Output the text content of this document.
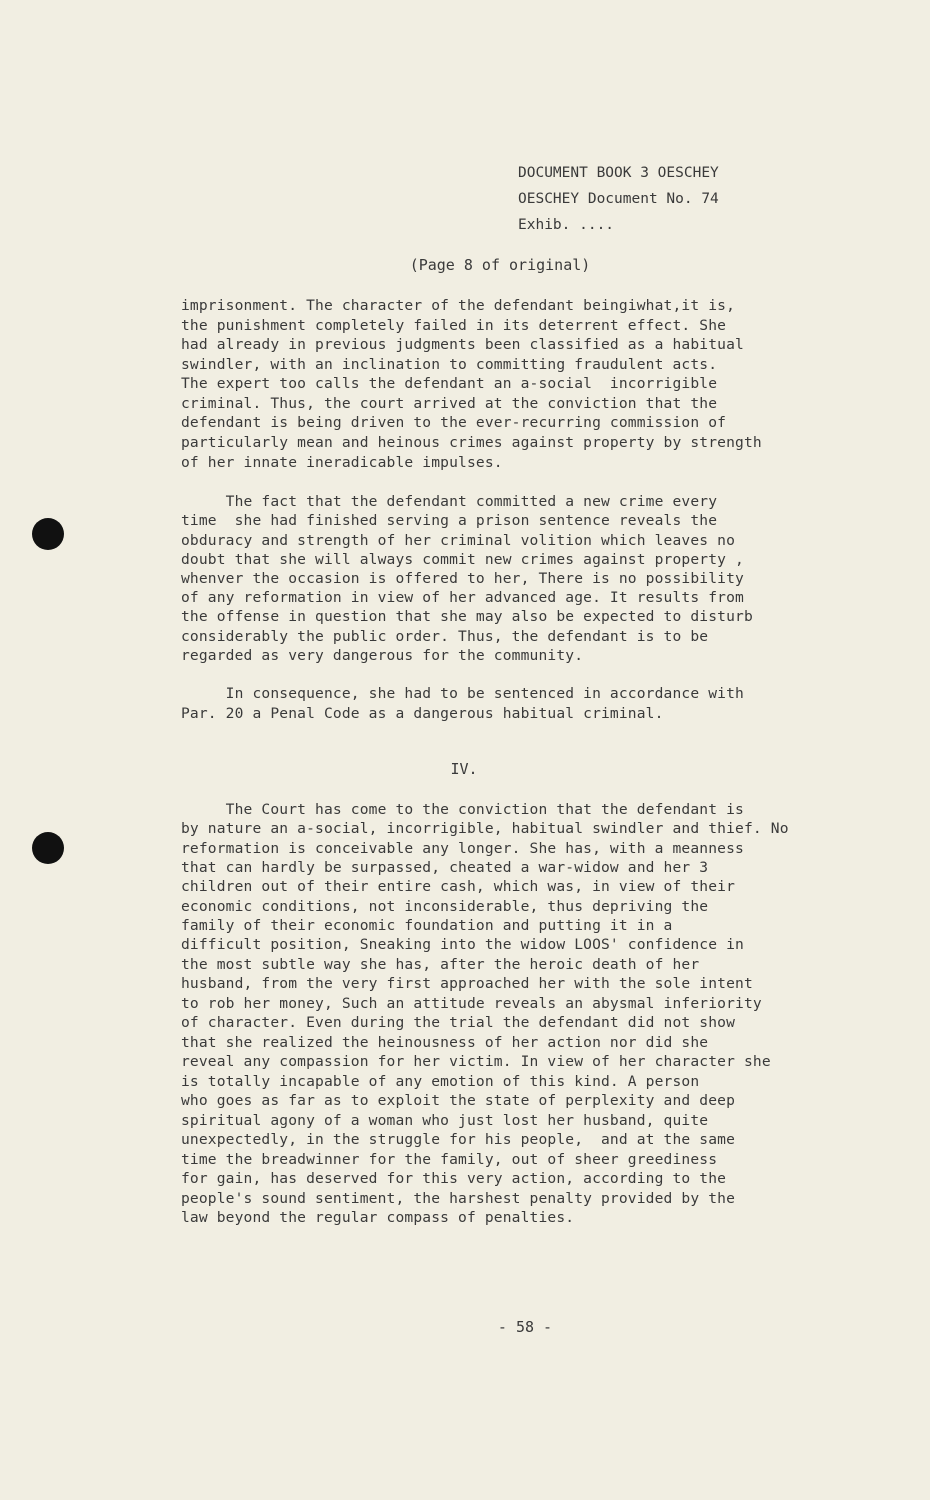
DOCUMENT BOOK 3 OESCHEY
OESCHEY Document No. 74
Exhib. ....
(Page 8 of original)
imprisonment. The character of the defendant beingiwhat,it is,
the punishment completely failed in its deterrent effect. She
had already in previous judgments been classified as a habitual
swindler, with an inclination to committing fraudulent acts.
The expert too calls the defendant an a-social  incorrigible
criminal. Thus, the court arrived at the conviction that the
defendant is being driven to the ever-recurring commission of
particularly mean and heinous crimes against property by strength
of her innate ineradicable impulses.
The fact that the defendant committed a new crime every
time  she had finished serving a prison sentence reveals the
obduracy and strength of her criminal volition which leaves no
doubt that she will always commit new crimes against property ,
whenver the occasion is offered to her, There is no possibility
of any reformation in view of her advanced age. It results from
the offense in question that she may also be expected to disturb
considerably the public order. Thus, the defendant is to be
regarded as very dangerous for the community.
In consequence, she had to be sentenced in accordance with
Par. 20 a Penal Code as a dangerous habitual criminal.
IV.
The Court has come to the conviction that the defendant is
by nature an a-social, incorrigible, habitual swindler and thief. No
reformation is conceivable any longer. She has, with a meanness
that can hardly be surpassed, cheated a war-widow and her 3
children out of their entire cash, which was, in view of their
economic conditions, not inconsiderable, thus depriving the
family of their economic foundation and putting it in a
difficult position, Sneaking into the widow LOOS' confidence in
the most subtle way she has, after the heroic death of her
husband, from the very first approached her with the sole intent
to rob her money, Such an attitude reveals an abysmal inferiority
of character. Even during the trial the defendant did not show
that she realized the heinousness of her action nor did she
reveal any compassion for her victim. In view of her character she
is totally incapable of any emotion of this kind. A person
who goes as far as to exploit the state of perplexity and deep
spiritual agony of a woman who just lost her husband, quite
unexpectedly, in the struggle for his people,  and at the same
time the breadwinner for the family, out of sheer greediness
for gain, has deserved for this very action, according to the
people's sound sentiment, the harshest penalty provided by the
law beyond the regular compass of penalties.
- 58 -
